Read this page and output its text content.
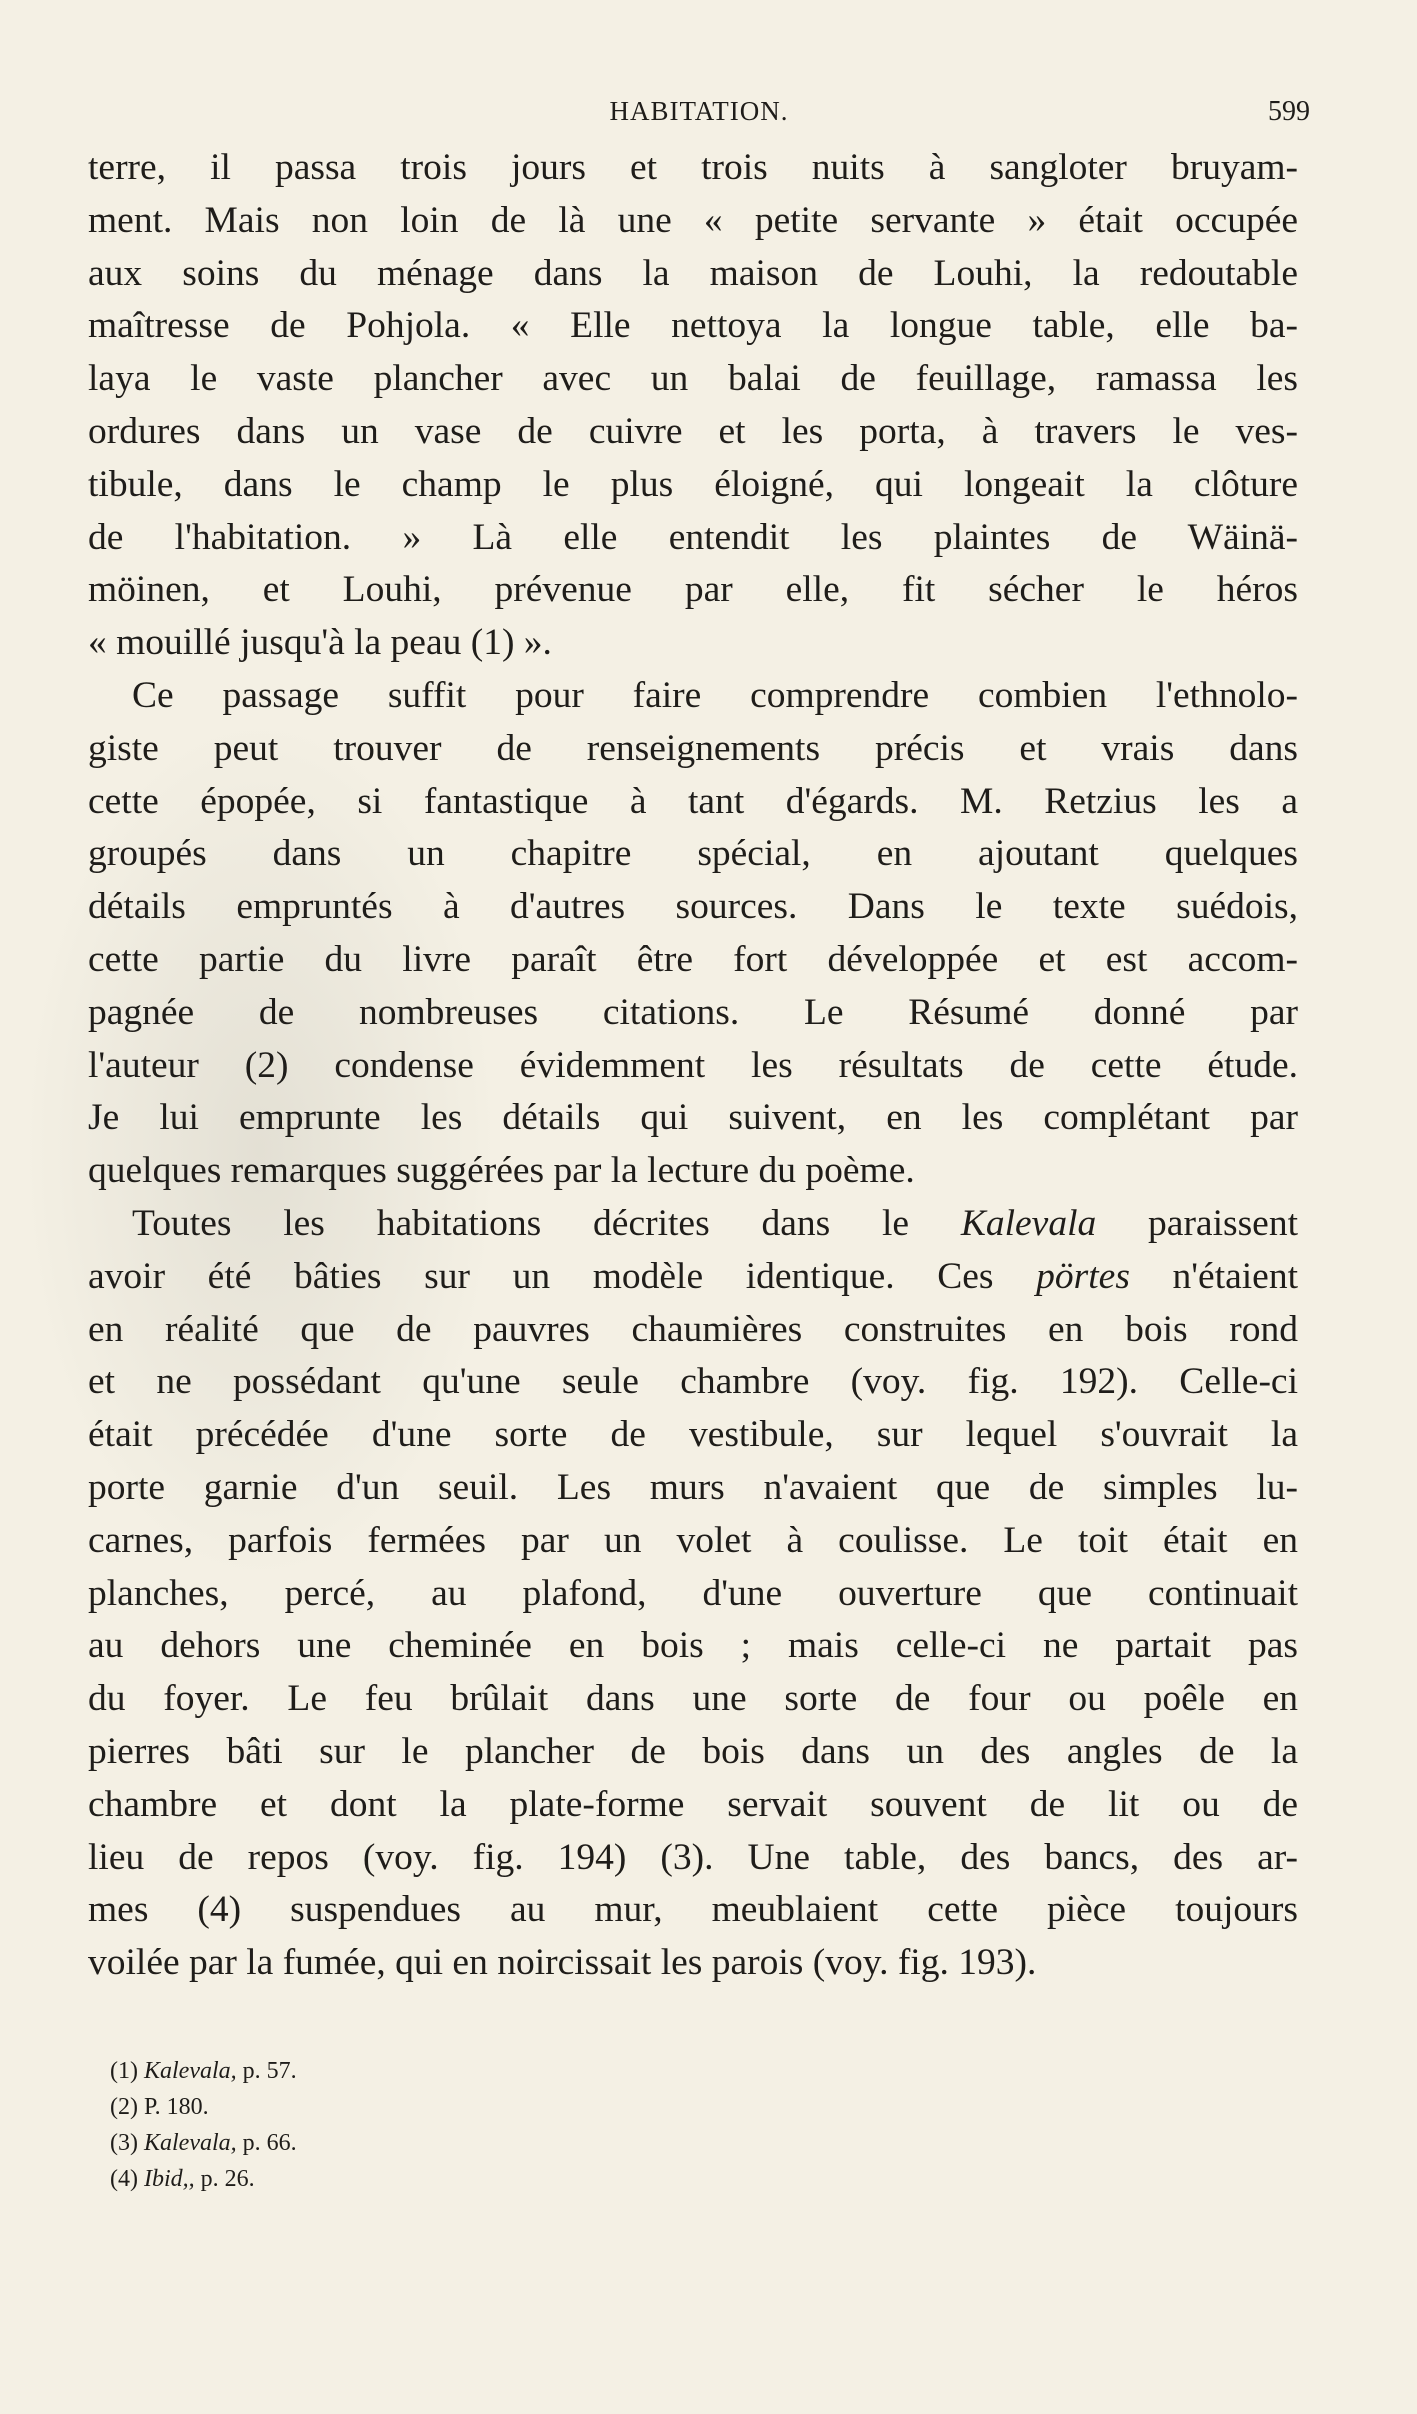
HABITATION.	599
terre, il passa trois jours et trois nuits à sangloter bruyam-
ment. Mais non loin de là une « petite servante » était occupée
aux soins du ménage dans la maison de Louhi, la redoutable
maîtresse de Pohjola. « Elle nettoya la longue table, elle ba-
laya le vaste plancher avec un balai de feuillage, ramassa les
ordures dans un vase de cuivre et les porta, à travers le ves-
tibule, dans le champ le plus éloigné, qui longeait la clôture
de l'habitation. » Là elle entendit les plaintes de Wäinä-
möinen, et Louhi, prévenue par elle, fit sécher le héros
« mouillé jusqu'à la peau (1) ».
Ce passage suffit pour faire comprendre combien l'ethnolo-
giste peut trouver de renseignements précis et vrais dans
cette épopée, si fantastique à tant d'égards. M. Retzius les a
groupés dans un chapitre spécial, en ajoutant quelques
détails empruntés à d'autres sources. Dans le texte suédois,
cette partie du livre paraît être fort développée et est accom-
pagnée de nombreuses citations. Le Résumé donné par
l'auteur (2) condense évidemment les résultats de cette étude.
Je lui emprunte les détails qui suivent, en les complétant par
quelques remarques suggérées par la lecture du poème.
Toutes les habitations décrites dans le Kalevala paraissent
avoir été bâties sur un modèle identique. Ces pörtes n'étaient
en réalité que de pauvres chaumières construites en bois rond
et ne possédant qu'une seule chambre (voy. fig. 192). Celle-ci
était précédée d'une sorte de vestibule, sur lequel s'ouvrait la
porte garnie d'un seuil. Les murs n'avaient que de simples lu-
carnes, parfois fermées par un volet à coulisse. Le toit était en
planches, percé, au plafond, d'une ouverture que continuait
au dehors une cheminée en bois ; mais celle-ci ne partait pas
du foyer. Le feu brûlait dans une sorte de four ou poêle en
pierres bâti sur le plancher de bois dans un des angles de la
chambre et dont la plate-forme servait souvent de lit ou de
lieu de repos (voy. fig. 194) (3). Une table, des bancs, des ar-
mes (4) suspendues au mur, meublaient cette pièce toujours
voilée par la fumée, qui en noircissait les parois (voy. fig. 193).
(1) Kalevala, p. 57.
(2) P. 180.
(3) Kalevala, p. 66.
(4) Ibid,, p. 26.
